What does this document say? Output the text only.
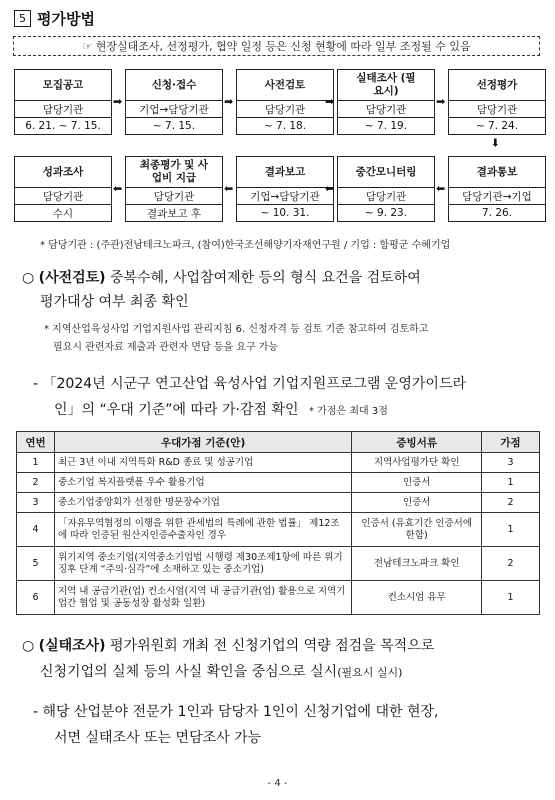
5 평가방법
☞ 현장실태조사, 선정평가, 협약 일정 등은 신청 현황에 따라 일부 조정될 수 있음
모집공고
담당기관
6. 21. ~ 7. 15.
➡
신청·접수
기업→담당기관
~ 7. 15.
➡
사전검토
담당기관
~ 7. 18.
➡
실태조사 (필요시)
담당기관
~ 7. 19.
➡
선정평가
담당기관
~ 7. 24.
➡
결과통보
담당기관→기업
7. 26.
⬅
중간모니터링
담당기관
~ 9. 23.
⬅
결과보고
기업→담당기관
~ 10. 31.
⬅
최종평가 및 사업비 지급
담당기관
결과보고 후
⬅
성과조사
담당기관
수시
* 담당기관 : (주관)전남테크노파크, (참여)한국조선해양기자재연구원 / 기업 : 함평군 수혜기업
○ (사전검토) 중복수혜, 사업참여제한 등의 형식 요건을 검토하여
평가대상 여부 최종 확인
* 지역산업육성사업 기업지원사업 관리지침 6. 신청자격 등 검토 기준 참고하여 검토하고
필요시 관련자료 제출과 관련자 면담 등을 요구 가능
- 「2024년 시군구 연고산업 육성사업 기업지원프로그램 운영가이드라
인」의 “우대 기준”에 따라 가·감점 확인 * 가점은 최대 3점
연번	우대가점 기준(안)	증빙서류	가점
1	최근 3년 이내 지역특화 R&D 종료 및 성공기업	지역사업평가단 확인	3
2	중소기업 복지플랫폼 우수 활용기업	인증서	1
3	중소기업중앙회가 선정한 명문장수기업	인증서	2
4	「자유무역협정의 이행을 위한 관세법의 특례에 관한 법률」 제12조에 따라 인증된 원산지인증수출자인 경우	인증서 (유효기간 인증서에 한함)	1
5	위기지역 중소기업(지역중소기업법 시행령 제30조제1항에 따른 위기징후 단계 “주의·심각”에 소재하고 있는 중소기업)	전남테크노파크 확인	2
6	지역 내 공급기관(업) 컨소시엄(지역 내 공급기관(업) 활용으로 지역기업간 협업 및 공동성장 활성화 일환)	컨소시엄 유무	1
○ (실태조사) 평가위원회 개최 전 신청기업의 역량 점검을 목적으로
신청기업의 실체 등의 사실 확인을 중심으로 실시(필요시 실시)
- 해당 산업분야 전문가 1인과 담당자 1인이 신청기업에 대한 현장,
서면 실태조사 또는 면담조사 가능
- 4 -
